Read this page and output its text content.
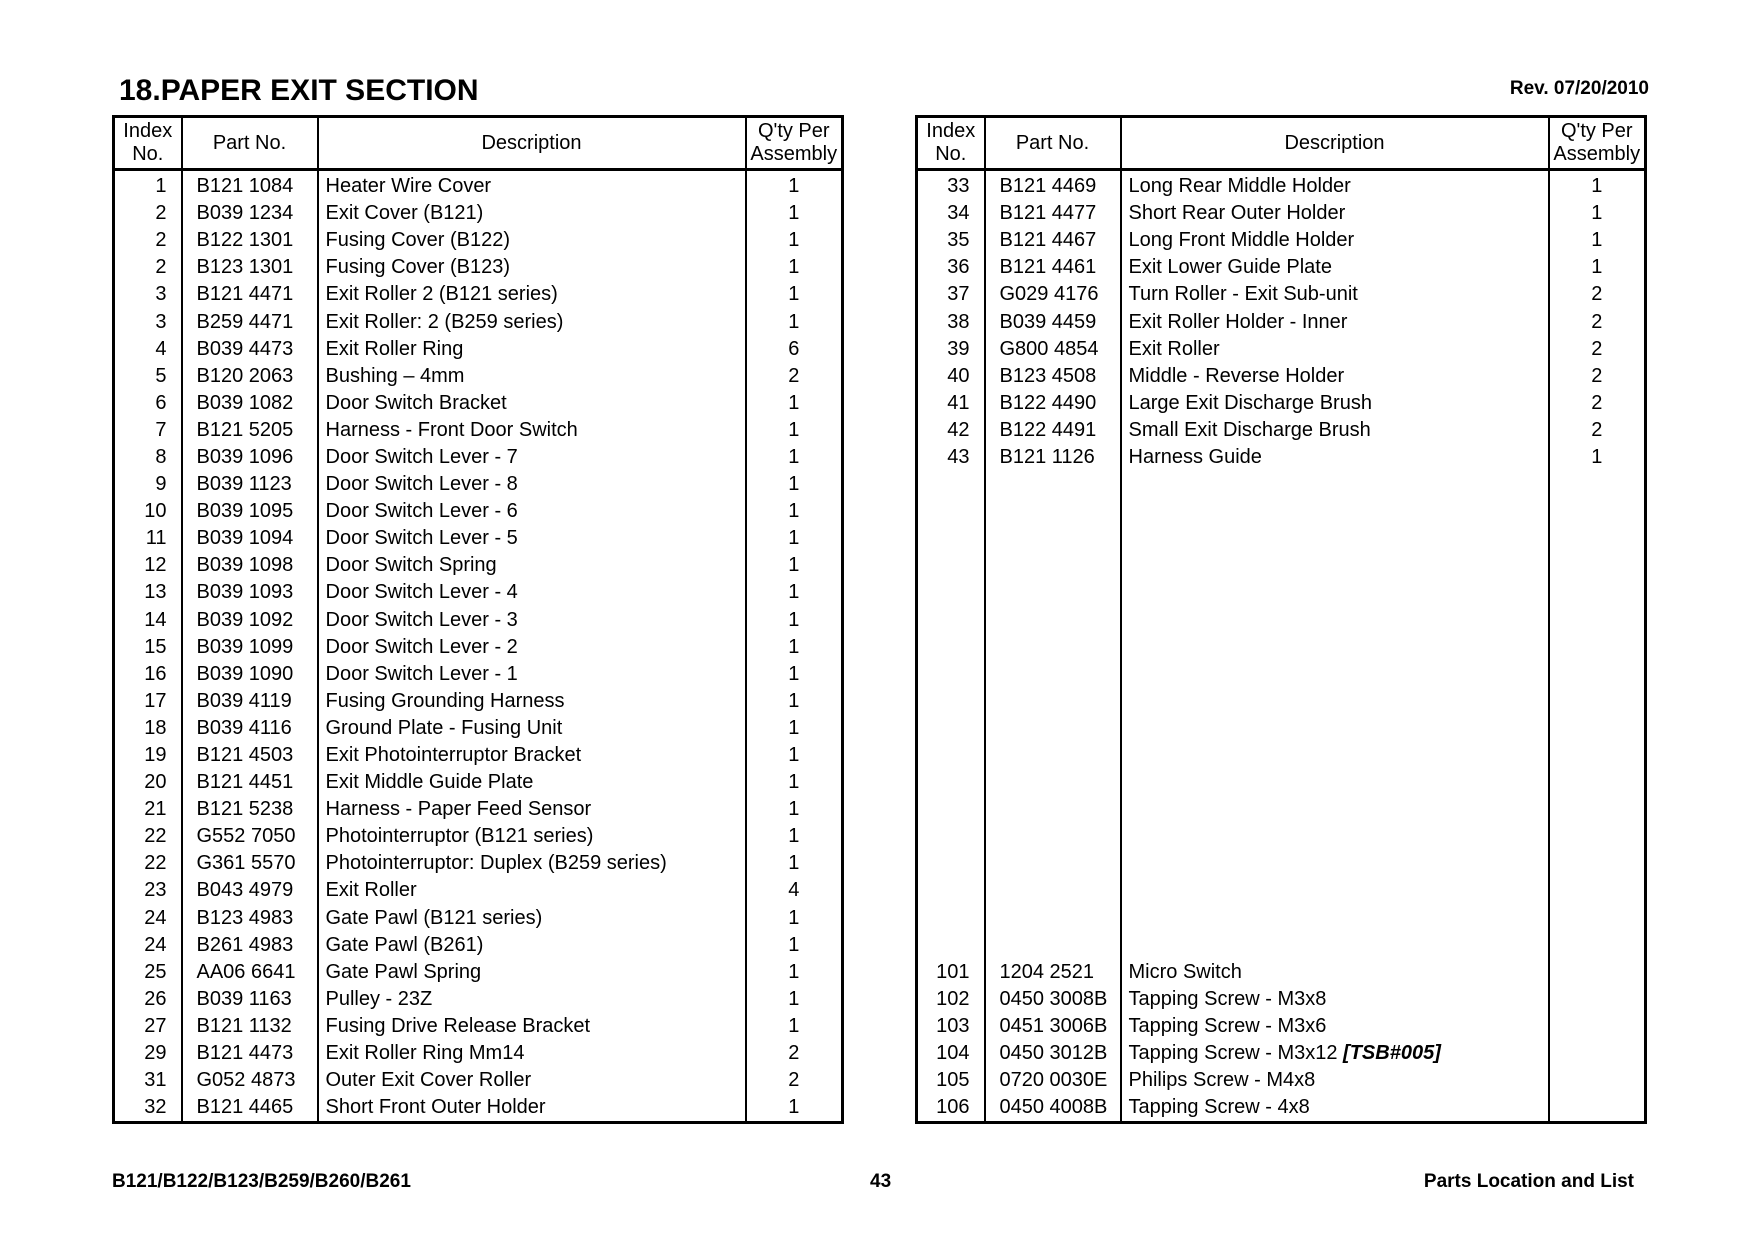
18.PAPER EXIT SECTION	Rev. 07/20/2010
Index
No.	Part No.	Description	Q'ty Per
Assembly
1	B121 1084	Heater Wire Cover	1
2	B039 1234	Exit Cover (B121)	1
2	B122 1301	Fusing Cover (B122)	1
2	B123 1301	Fusing Cover (B123)	1
3	B121 4471	Exit Roller 2 (B121 series)	1
3	B259 4471	Exit Roller: 2 (B259 series)	1
4	B039 4473	Exit Roller Ring	6
5	B120 2063	Bushing – 4mm	2
6	B039 1082	Door Switch Bracket	1
7	B121 5205	Harness - Front Door Switch	1
8	B039 1096	Door Switch Lever - 7	1
9	B039 1123	Door Switch Lever - 8	1
10	B039 1095	Door Switch Lever - 6	1
11	B039 1094	Door Switch Lever - 5	1
12	B039 1098	Door Switch Spring	1
13	B039 1093	Door Switch Lever - 4	1
14	B039 1092	Door Switch Lever - 3	1
15	B039 1099	Door Switch Lever - 2	1
16	B039 1090	Door Switch Lever - 1	1
17	B039 4119	Fusing Grounding Harness	1
18	B039 4116	Ground Plate - Fusing Unit	1
19	B121 4503	Exit Photointerruptor Bracket	1
20	B121 4451	Exit Middle Guide Plate	1
21	B121 5238	Harness - Paper Feed Sensor	1
22	G552 7050	Photointerruptor (B121 series)	1
22	G361 5570	Photointerruptor: Duplex (B259 series)	1
23	B043 4979	Exit Roller	4
24	B123 4983	Gate Pawl (B121 series)	1
24	B261 4983	Gate Pawl (B261)	1
25	AA06 6641	Gate Pawl Spring	1
26	B039 1163	Pulley - 23Z	1
27	B121 1132	Fusing Drive Release Bracket	1
29	B121 4473	Exit Roller Ring Mm14	2
31	G052 4873	Outer Exit Cover Roller	2
32	B121 4465	Short Front Outer Holder	1
Index
No.	Part No.	Description	Q'ty Per
Assembly
33	B121 4469	Long Rear Middle Holder	1
34	B121 4477	Short Rear Outer Holder	1
35	B121 4467	Long Front Middle Holder	1
36	B121 4461	Exit Lower Guide Plate	1
37	G029 4176	Turn Roller - Exit Sub-unit	2
38	B039 4459	Exit Roller Holder - Inner	2
39	G800 4854	Exit Roller	2
40	B123 4508	Middle - Reverse Holder	2
41	B122 4490	Large Exit Discharge Brush	2
42	B122 4491	Small Exit Discharge Brush	2
43	B121 1126	Harness Guide	1

101	1204 2521	Micro Switch	
102	0450 3008B	Tapping Screw - M3x8	
103	0451 3006B	Tapping Screw - M3x6	
104	0450 3012B	Tapping Screw - M3x12 [TSB#005]	
105	0720 0030E	Philips Screw - M4x8	
106	0450 4008B	Tapping Screw - 4x8	
B121/B122/B123/B259/B260/B261	43	Parts Location and List
